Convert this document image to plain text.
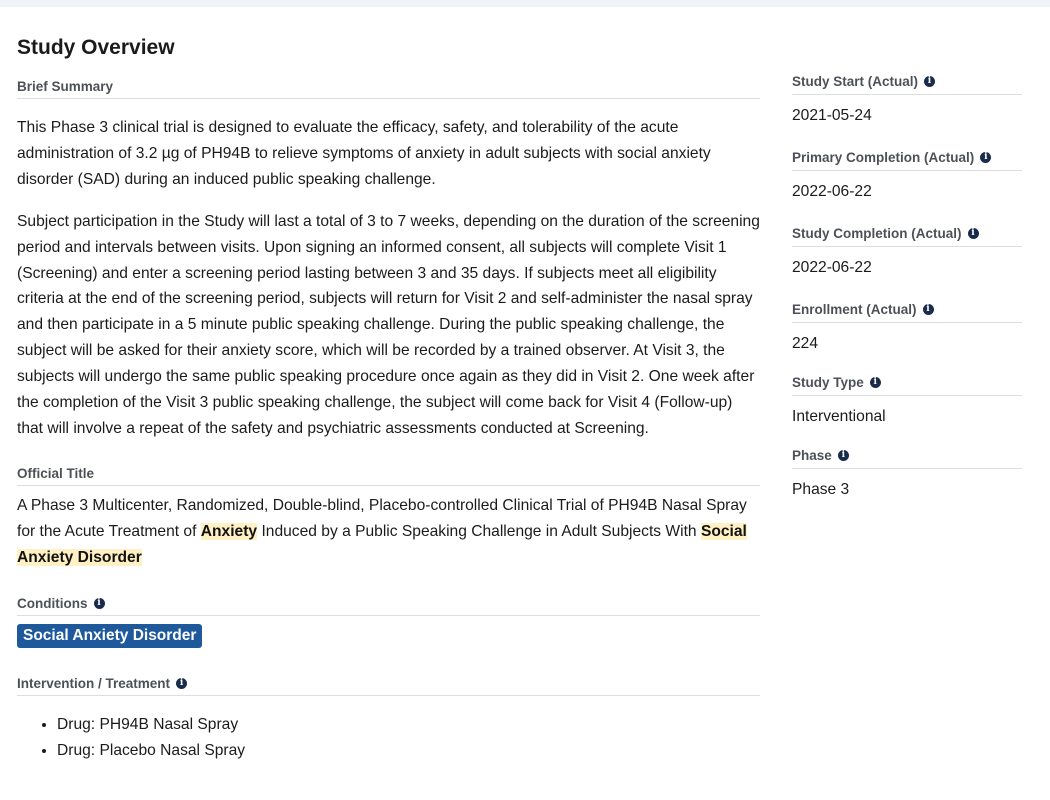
Study Overview
Brief Summary

This Phase 3 clinical trial is designed to evaluate the efficacy, safety, and tolerability of the acute administration of 3.2 µg of PH94B to relieve symptoms of anxiety in adult subjects with social anxiety disorder (SAD) during an induced public speaking challenge.

Subject participation in the Study will last a total of 3 to 7 weeks, depending on the duration of the screening period and intervals between visits. Upon signing an informed consent, all subjects will complete Visit 1 (Screening) and enter a screening period lasting between 3 and 35 days. If subjects meet all eligibility criteria at the end of the screening period, subjects will return for Visit 2 and self-administer the nasal spray and then participate in a 5 minute public speaking challenge. During the public speaking challenge, the subject will be asked for their anxiety score, which will be recorded by a trained observer. At Visit 3, the subjects will undergo the same public speaking procedure once again as they did in Visit 2. One week after the completion of the Visit 3 public speaking challenge, the subject will come back for Visit 4 (Follow-up) that will involve a repeat of the safety and psychiatric assessments conducted at Screening.

Official Title

A Phase 3 Multicenter, Randomized, Double-blind, Placebo-controlled Clinical Trial of PH94B Nasal Spray for the Acute Treatment of Anxiety Induced by a Public Speaking Challenge in Adult Subjects With Social Anxiety Disorder

Conditions	i
Social Anxiety Disorder
Intervention / Treatment	i
• Drug: PH94B Nasal Spray
• Drug: Placebo Nasal Spray
Study Start (Actual)	i
2021-05-24
Primary Completion (Actual)	i
2022-06-22
Study Completion (Actual)	i
2022-06-22
Enrollment (Actual)	i
224
Study Type	i
Interventional
Phase	i
Phase 3
